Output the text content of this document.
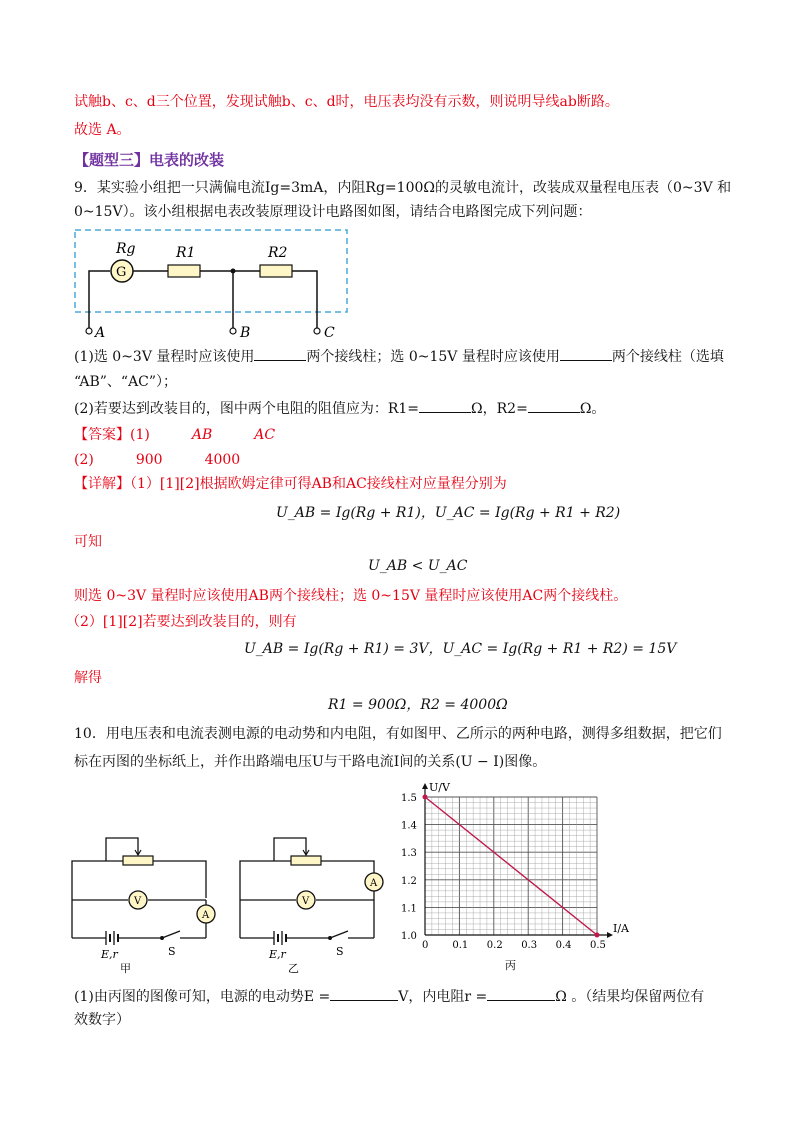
试触b、c、d三个位置，发现试触b、c、d时，电压表均没有示数，则说明导线ab断路。
故选 A。
【题型三】电表的改装
9．某实验小组把一只满偏电流Ig=3mA，内阻Rg=100Ω的灵敏电流计，改装成双量程电压表（0~3V 和
0~15V）。该小组根据电表改装原理设计电路图如图，请结合电路图完成下列问题：
G
Rg	R1	R2
A	B	C
(1)选 0~3V 量程时应该使用	两个接线柱；选 0~15V 量程时应该使用	两个接线柱（选填
“AB”、“AC”）；
(2)若要达到改装目的，图中两个电阻的阻值应为：R1=	Ω，R2=	Ω。
【答案】(1)	AB	AC
(2)	900	4000
【详解】（1）[1][2]根据欧姆定律可得AB和AC接线柱对应量程分别为
U_AB = Ig(Rg + R1)，U_AC = Ig(Rg + R1 + R2)
可知
U_AB < U_AC
则选 0~3V 量程时应该使用AB两个接线柱；选 0~15V 量程时应该使用AC两个接线柱。
（2）[1][2]若要达到改装目的，则有
U_AB = Ig(Rg + R1) = 3V，U_AC = Ig(Rg + R1 + R2) = 15V
解得
R1 = 900Ω，R2 = 4000Ω
10．用电压表和电流表测电源的电动势和内电阻，有如图甲、乙所示的两种电路，测得多组数据，把它们
标在丙图的坐标纸上，并作出路端电压U与干路电流I间的关系(U − I)图像。
V
A
E,r	S
甲
A
V
E,r	S
乙
U/V
I/A
0 0.1 0.2 0.3 0.4 0.5
1.0
1.1
1.2
1.3
1.4
1.5
丙
(1)由丙图的图像可知，电源的电动势E =	V，内电阻r =	Ω 。（结果均保留两位有
效数字）
